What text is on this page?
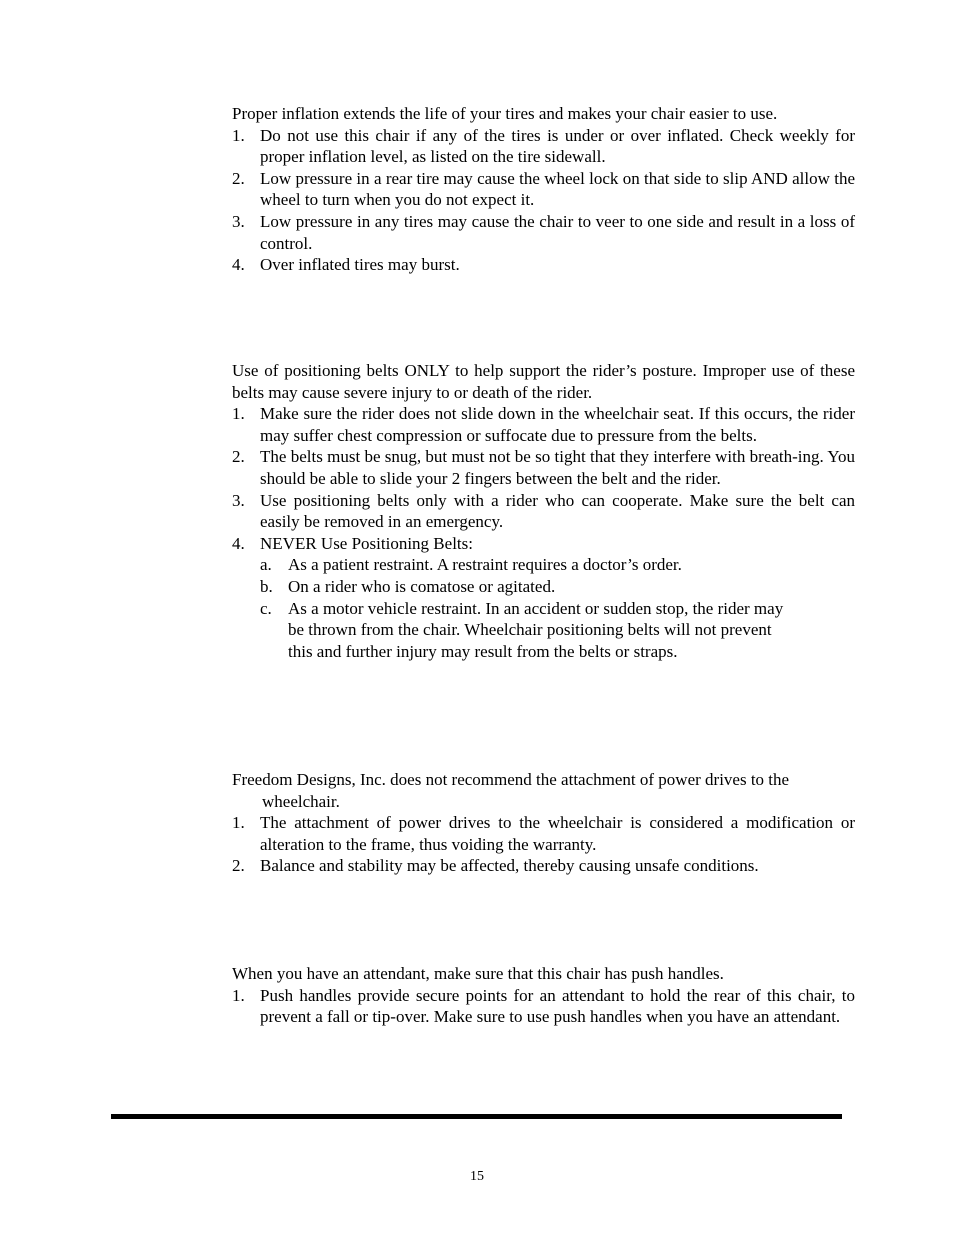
Proper inflation extends the life of your tires and makes your chair easier to use.

1. Do not use this chair if any of the tires is under or over inflated. Check weekly for proper inflation level, as listed on the tire sidewall.
2. Low pressure in a rear tire may cause the wheel lock on that side to slip AND allow the wheel to turn when you do not expect it.
3. Low pressure in any tires may cause the chair to veer to one side and result in a loss of control.
4. Over inflated tires may burst.

Use of positioning belts ONLY to help support the rider’s posture. Improper use of these belts may cause severe injury to or death of the rider.

1. Make sure the rider does not slide down in the wheelchair seat. If this occurs, the rider may suffer chest compression or suffocate due to pressure from the belts.
2. The belts must be snug, but must not be so tight that they interfere with breath-ing. You should be able to slide your 2 fingers between the belt and the rider.
3. Use positioning belts only with a rider who can cooperate. Make sure the belt can easily be removed in an emergency.
4. NEVER Use Positioning Belts:
a. As a patient restraint. A restraint requires a doctor’s order.
b. On a rider who is comatose or agitated.
c. As a motor vehicle restraint. In an accident or sudden stop, the rider may be thrown from the chair. Wheelchair positioning belts will not prevent this and further injury may result from the belts or straps.

Freedom Designs, Inc. does not recommend the attachment of power drives to the wheelchair.

1. The attachment of power drives to the wheelchair is considered a modification or alteration to the frame, thus voiding the warranty.
2. Balance and stability may be affected, thereby causing unsafe conditions.

When you have an attendant, make sure that this chair has push handles.

1. Push handles provide secure points for an attendant to hold the rear of this chair, to prevent a fall or tip-over. Make sure to use push handles when you have an attendant.
15
